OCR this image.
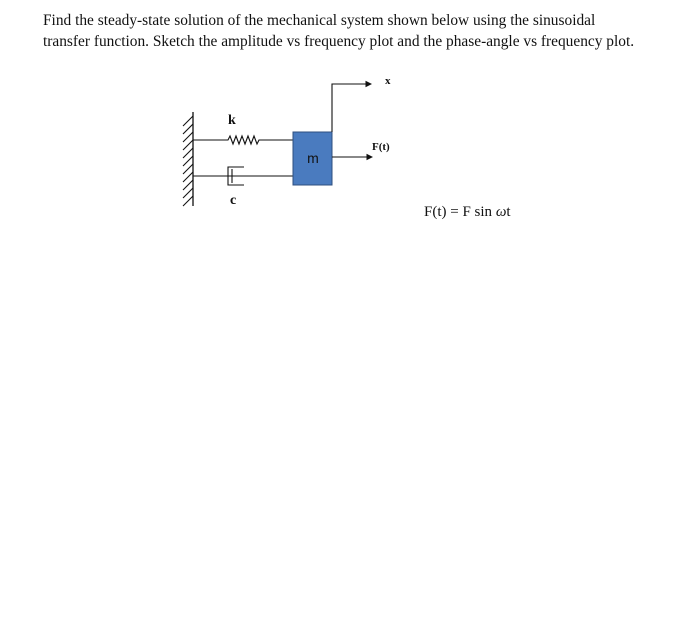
Find the steady-state solution of the mechanical system shown below using the sinusoidal
transfer function. Sketch the amplitude vs frequency plot and the phase-angle vs frequency plot.

k
c
m
F(t)
x
F(t) = F sin ωt
